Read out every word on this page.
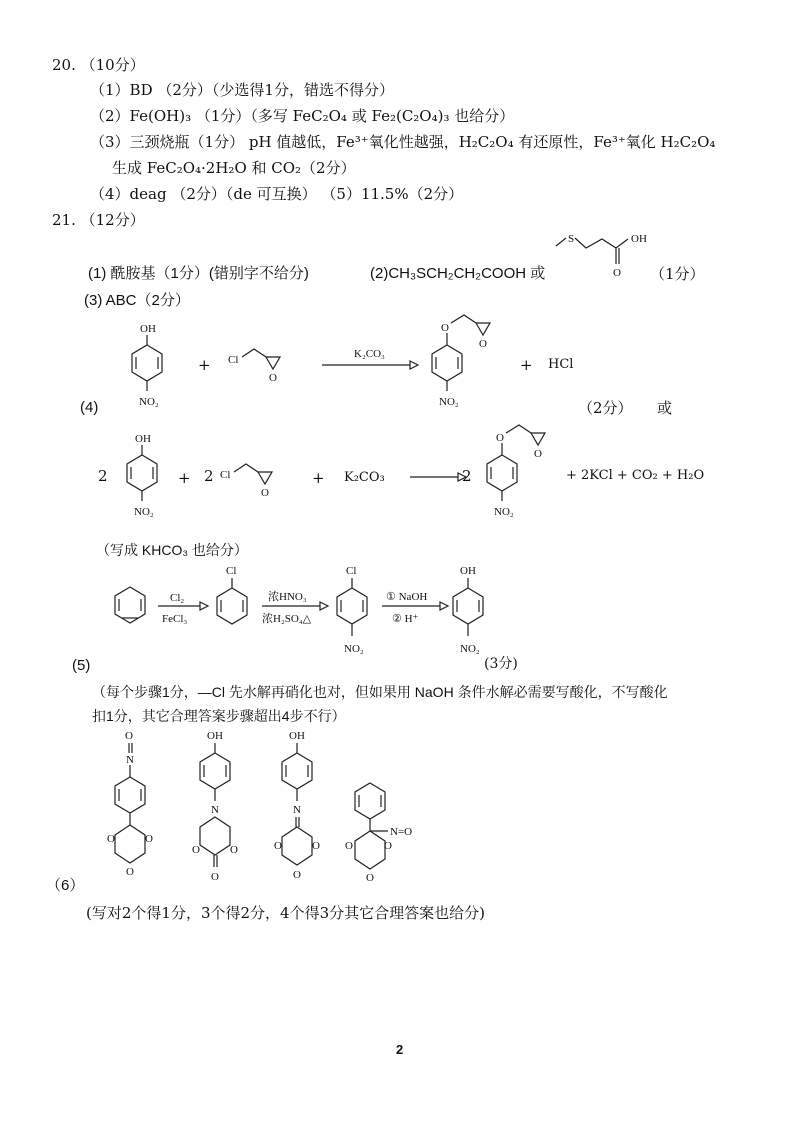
20. （10分）
（1）BD （2分）（少选得1分，错选不得分）
（2）Fe(OH)₃ （1分）（多写 FeC₂O₄ 或 Fe₂(C₂O₄)₃ 也给分）
（3）三颈烧瓶（1分） pH 值越低，Fe³⁺氧化性越强，H₂C₂O₄ 有还原性，Fe³⁺氧化 H₂C₂O₄
生成 FeC₂O₄·2H₂O 和 CO₂（2分）
（4）deag （2分）（de 可互换） （5）11.5%（2分）
21. （12分）
(1) 酰胺基（1分）(错别字不给分)	(2)CH₃SCH₂CH₂COOH 或	（1分）
S	OH
O
(3) ABC（2分）
(4)
OH
NO₂
+ Cl
O
K₂CO₃
O
O
NO₂
+ HCl
（2分） 或
2
OH
NO₂
+ 2 Cl
O
+ K₂CO₃ →
2
O
O
NO₂
+ 2KCl + CO₂ + H₂O
（写成 KHCO₃ 也给分）
Cl₂
FeCl₃
Cl
浓HNO₃
浓H₂SO₄△
Cl
NO₂
① NaOH
② H⁺
OH
NO₂
(3分)
(5)
（每个步骤1分，—Cl 先水解再硝化也对，但如果用 NaOH 条件水解必需要写酸化，不写酸化
扣1分，其它合理答案步骤超出4步不行）
O
N
O	O
O
OH
N
O	O
O
OH
N
O	O
O
N=O
O	O
O
（6）
(写对2个得1分，3个得2分，4个得3分其它合理答案也给分)
2
